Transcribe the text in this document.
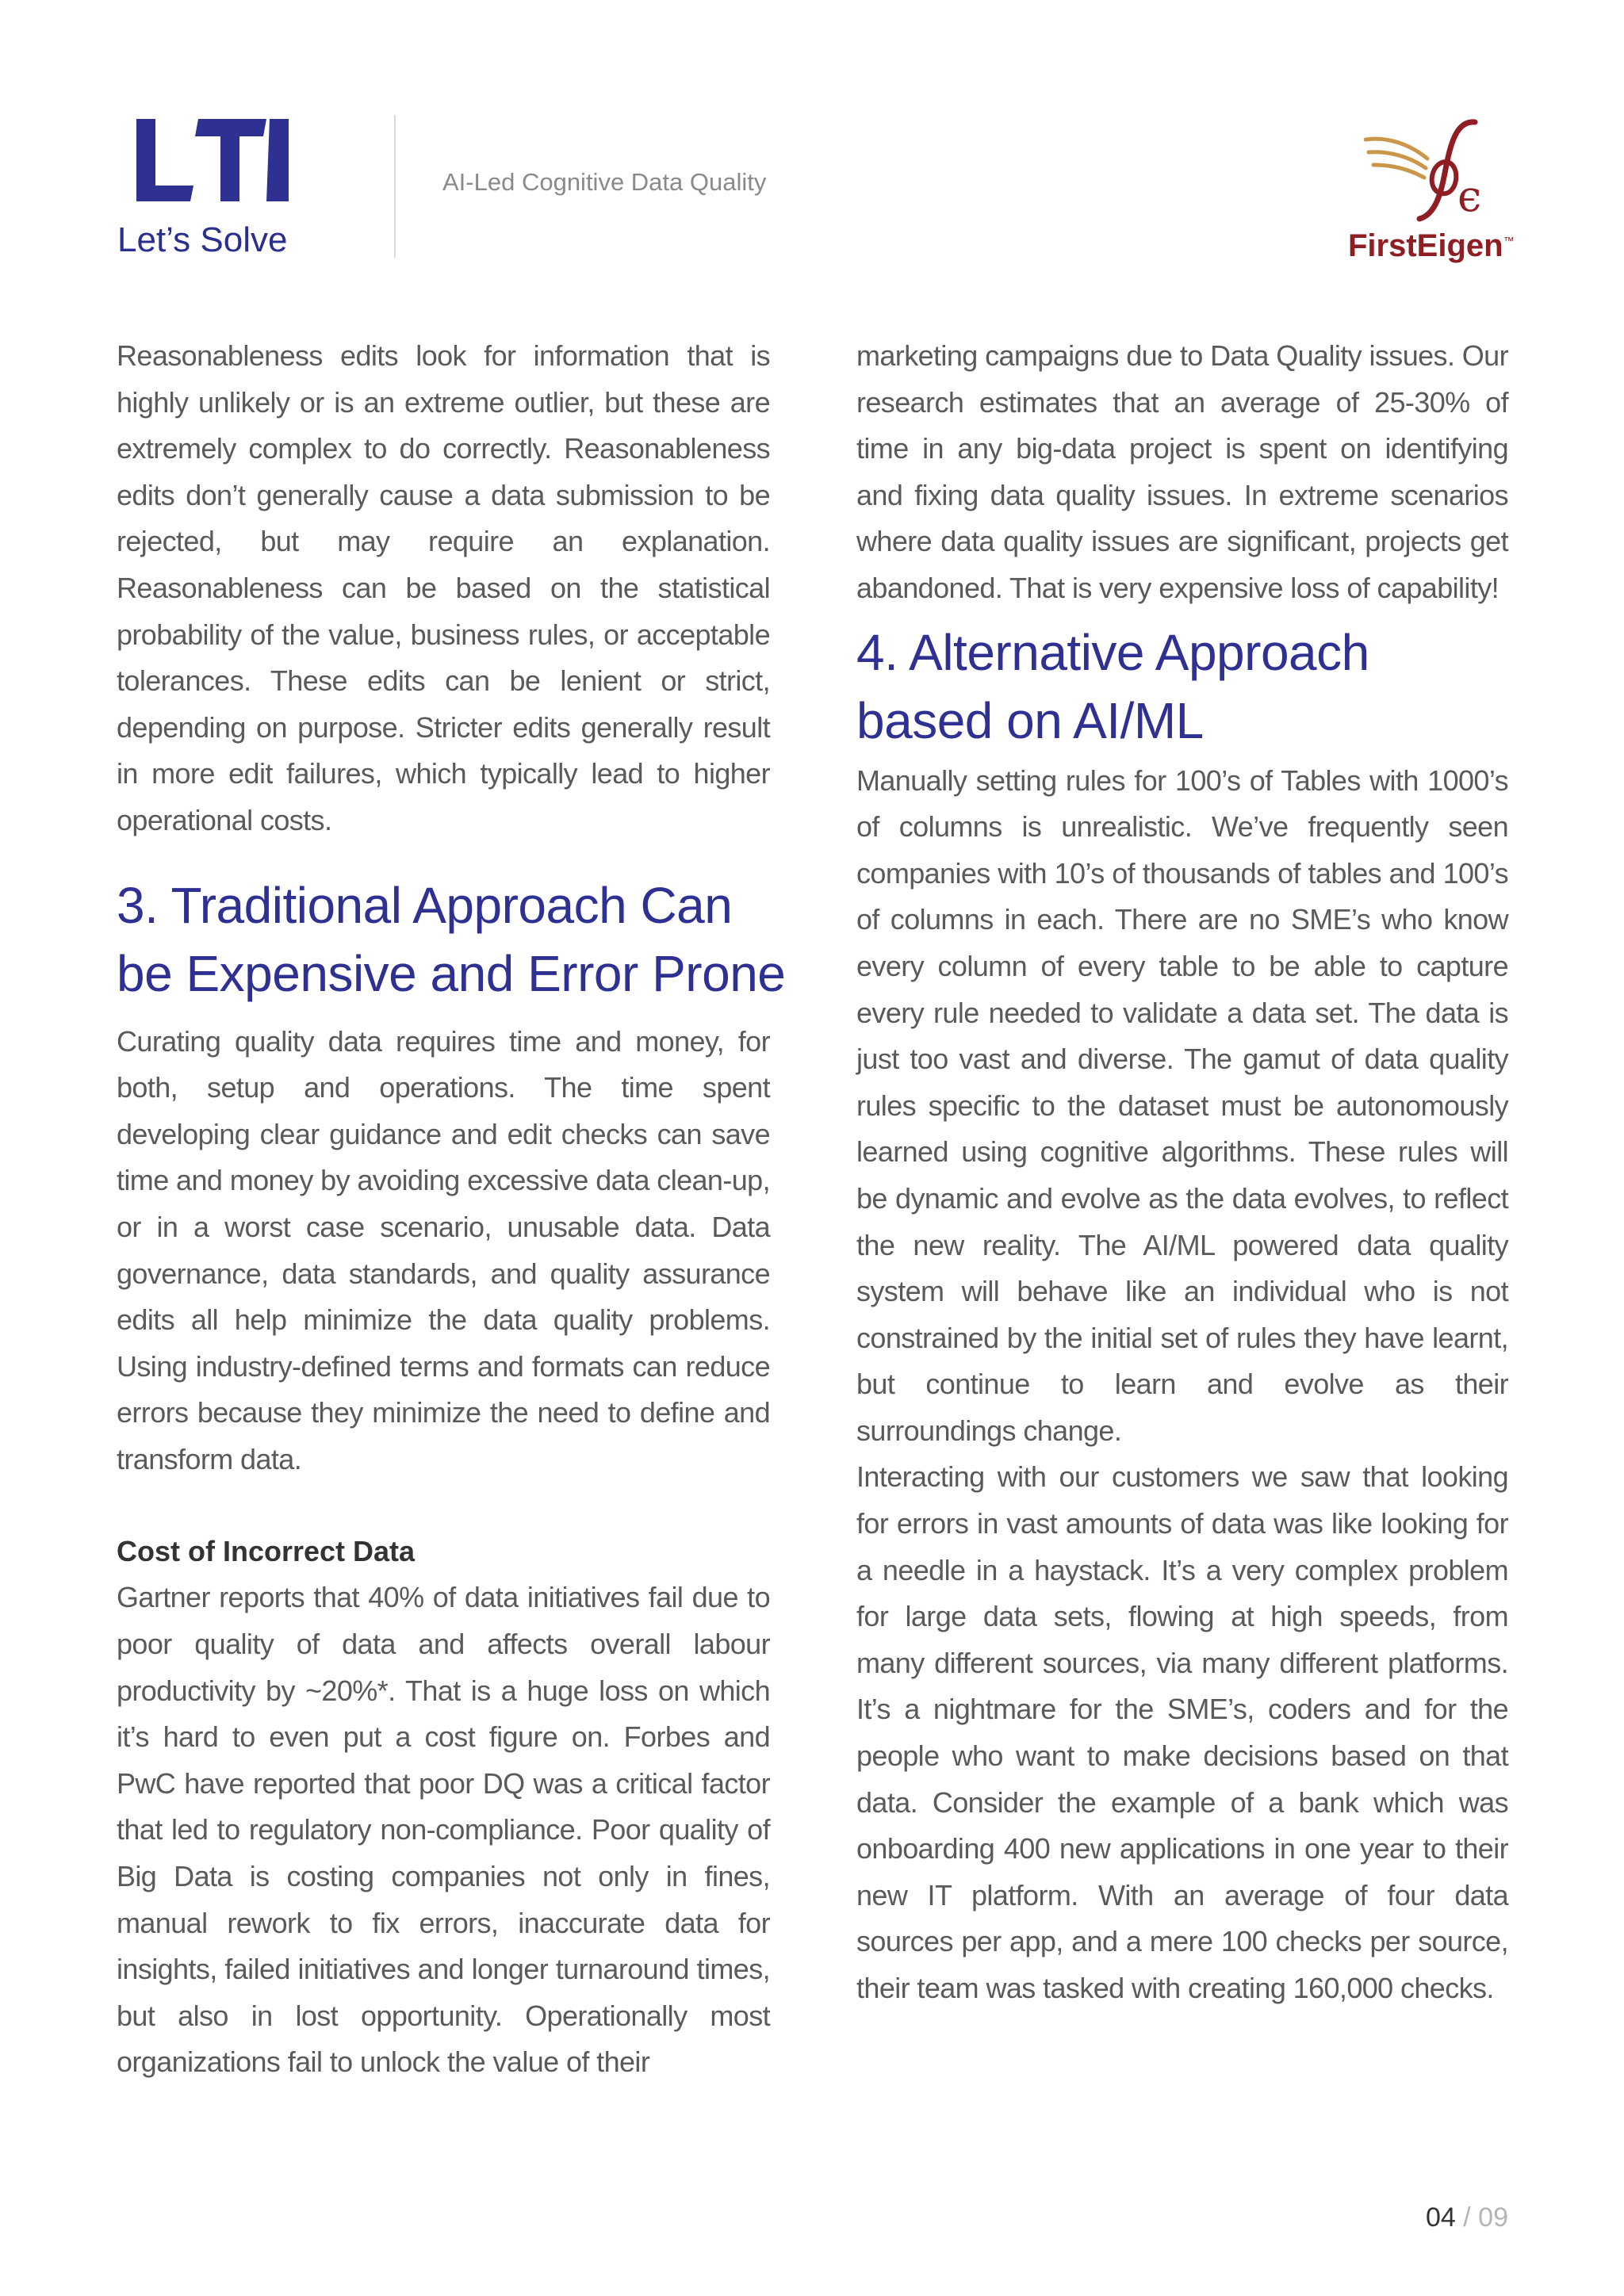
Let’s Solve
AI-Led Cognitive Data Quality	є
FirstEigen™

Reasonableness edits look for information that is highly unlikely or is an extreme outlier, but these are extremely complex to do correctly. Reasonableness edits don’t generally cause a data submission to be rejected, but may require an explanation. Reasonableness can be based on the statistical probability of the value, business rules, or acceptable tolerances. These edits can be lenient or strict, depending on purpose. Stricter edits generally result in more edit failures, which typically lead to higher operational costs.

3. Traditional Approach Can
be Expensive and Error Prone

Curating quality data requires time and money, for both, setup and operations. The time spent developing clear guidance and edit checks can save time and money by avoiding excessive data clean-up, or in a worst case scenario, unusable data. Data governance, data standards, and quality assurance edits all help minimize the data quality problems. Using industry-defined terms and formats can reduce errors because they minimize the need to define and transform data.

Cost of Incorrect Data

Gartner reports that 40% of data initiatives fail due to poor quality of data and affects overall labour productivity by ~20%*. That is a huge loss on which it’s hard to even put a cost figure on. Forbes and PwC have reported that poor DQ was a critical factor that led to regulatory non-compliance. Poor quality of Big Data is costing companies not only in fines, manual rework to fix errors, inaccurate data for insights, failed initiatives and longer turnaround times, but also in lost opportunity. Operationally most organizations fail to unlock the value of their

marketing campaigns due to Data Quality issues. Our research estimates that an average of 25-30% of time in any big-data project is spent on identifying and fixing data quality issues. In extreme scenarios where data quality issues are significant, projects get abandoned. That is very expensive loss of capability!

4. Alternative Approach
based on AI/ML

Manually setting rules for 100’s of Tables with 1000’s of columns is unrealistic. We’ve frequently seen companies with 10’s of thousands of tables and 100’s of columns in each. There are no SME’s who know every column of every table to be able to capture every rule needed to validate a data set. The data is just too vast and diverse. The gamut of data quality rules specific to the dataset must be autonomously learned using cognitive algorithms. These rules will be dynamic and evolve as the data evolves, to reflect the new reality. The AI/ML powered data quality system will behave like an individual who is not constrained by the initial set of rules they have learnt, but continue to learn and evolve as their surroundings change.

Interacting with our customers we saw that looking for errors in vast amounts of data was like looking for a needle in a haystack. It’s a very complex problem for large data sets, flowing at high speeds, from many different sources, via many different platforms. It’s a nightmare for the SME’s, coders and for the people who want to make decisions based on that data. Consider the example of a bank which was onboarding 400 new applications in one year to their new IT platform. With an average of four data sources per app, and a mere 100 checks per source, their team was tasked with creating 160,000 checks.

04 / 09
